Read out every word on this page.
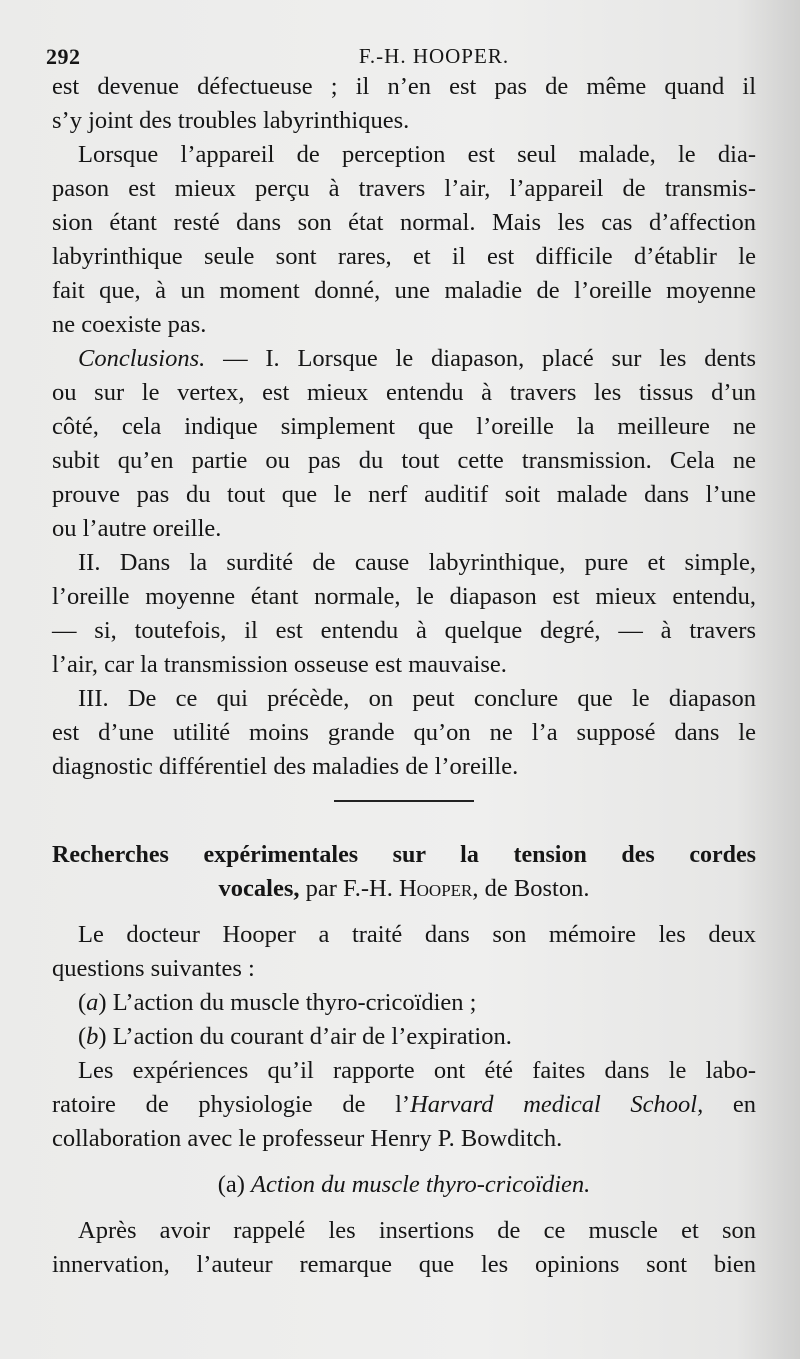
292	F.-H. HOOPER.
est devenue défectueuse ; il n’en est pas de même quand il
s’y joint des troubles labyrinthiques.
Lorsque l’appareil de perception est seul malade, le dia-
pason est mieux perçu à travers l’air, l’appareil de transmis-
sion étant resté dans son état normal. Mais les cas d’affection
labyrinthique seule sont rares, et il est difficile d’établir le
fait que, à un moment donné, une maladie de l’oreille moyenne
ne coexiste pas.
Conclusions. — I. Lorsque le diapason, placé sur les dents
ou sur le vertex, est mieux entendu à travers les tissus d’un
côté, cela indique simplement que l’oreille la meilleure ne
subit qu’en partie ou pas du tout cette transmission. Cela ne
prouve pas du tout que le nerf auditif soit malade dans l’une
ou l’autre oreille.
II. Dans la surdité de cause labyrinthique, pure et simple,
l’oreille moyenne étant normale, le diapason est mieux entendu,
— si, toutefois, il est entendu à quelque degré, — à travers
l’air, car la transmission osseuse est mauvaise.
III. De ce qui précède, on peut conclure que le diapason
est d’une utilité moins grande qu’on ne l’a supposé dans le
diagnostic différentiel des maladies de l’oreille.
Recherches expérimentales sur la tension des cordes
vocales, par F.-H. Hooper, de Boston.
Le docteur Hooper a traité dans son mémoire les deux
questions suivantes :
(a) L’action du muscle thyro-cricoïdien ;
(b) L’action du courant d’air de l’expiration.
Les expériences qu’il rapporte ont été faites dans le labo-
ratoire de physiologie de l’Harvard medical School, en
collaboration avec le professeur Henry P. Bowditch.
(a) Action du muscle thyro-cricoïdien.
Après avoir rappelé les insertions de ce muscle et son
innervation, l’auteur remarque que les opinions sont bien
